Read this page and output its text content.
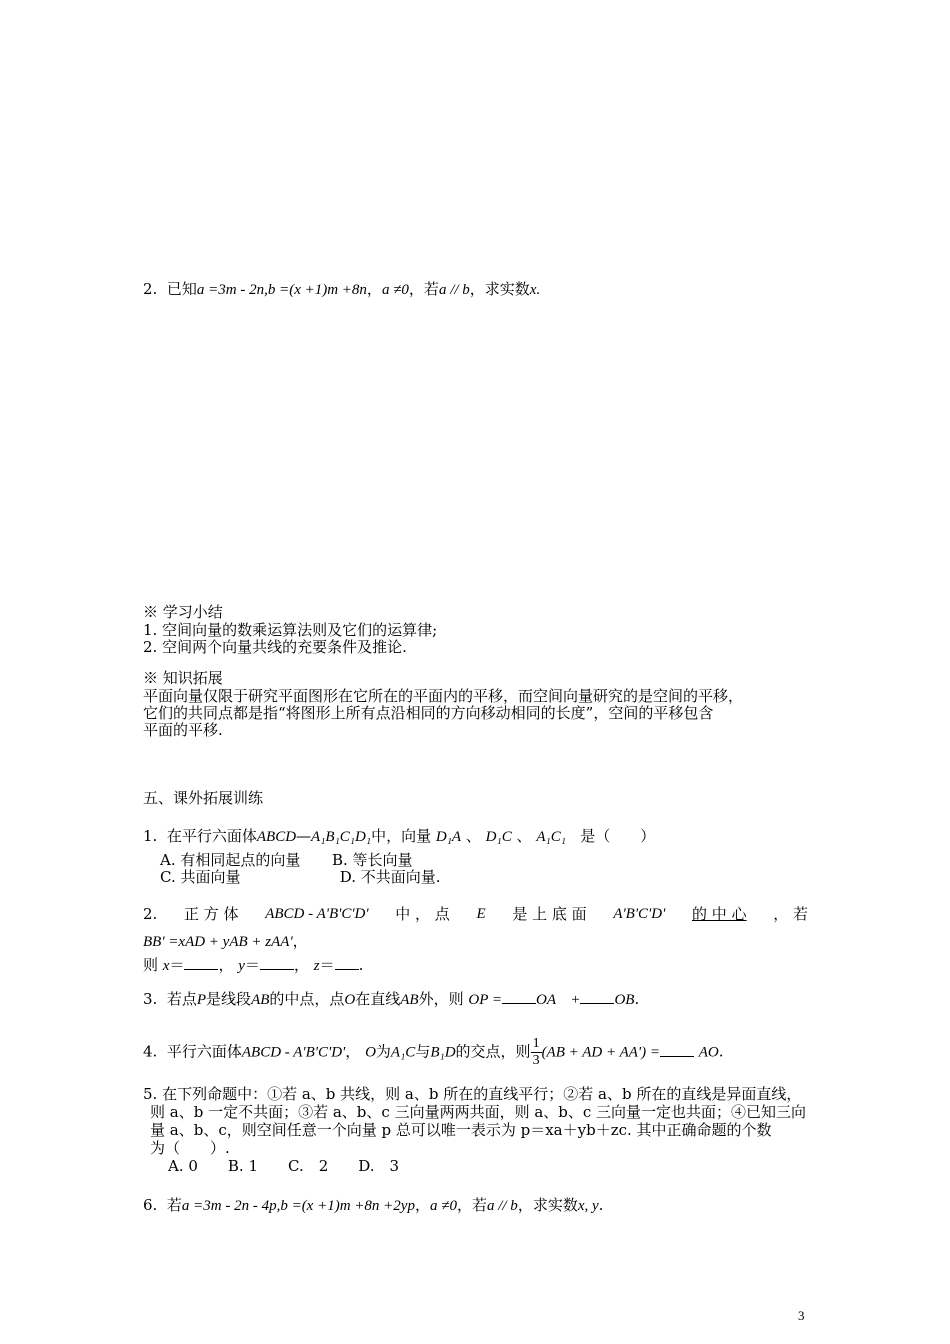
2. 已知a =3m - 2n,b =(x +1)m +8n，a ≠0，若a // b，求实数x.
※ 学习小结
1. 空间向量的数乘运算法则及它们的运算律;
2. 空间两个向量共线的充要条件及推论.
※ 知识拓展
平面向量仅限于研究平面图形在它所在的平面内的平移，而空间向量研究的是空间的平移，
它们的共同点都是指“将图形上所有点沿相同的方向移动相同的长度”，空间的平移包含
平面的平移.
五、课外拓展训练
1. 在平行六面体ABCD—A₁B₁C₁D₁中，向量 D₁A 、 D₁C 、 A₁C₁ 是（　　）
A. 有相同起点的向量 B. 等长向量
C. 共面向量	D. 不共面向量.
2. 正 方 体 ABCD - A'B'C'D' 中 ， 点 E 是 上 底 面 A'B'C'D' 的 中 心 ， 若
BB' =xAD + yAB + zAA'，
则 x＝ ， y＝ ， z＝ .
3. 若点P是线段AB的中点，点O在直线AB外，则 OP = OA + OB.
4. 平行六面体ABCD - A'B'C'D'， O为A₁C与B₁D的交点，则 $\frac{1}{3} (AB$ + AD + AA') =	AO.
5. 在下列命题中：①若 a、b 共线，则 a、b 所在的直线平行；②若 a、b 所在的直线是异面直线，
则 a、b 一定不共面；③若 a、b、c 三向量两两共面，则 a、b、c 三向量一定也共面；④已知三向
量 a、b、c，则空间任意一个向量 p 总可以唯一表示为 p＝xa＋yb＋zc. 其中正确命题的个数
为（　　）.
A. 0　　B. 1　　C.　2　　D.　3
6. 若a =3m - 2n - 4p,b =(x +1)m +8n +2yp，a ≠0，若a // b，求实数x, y.
3
